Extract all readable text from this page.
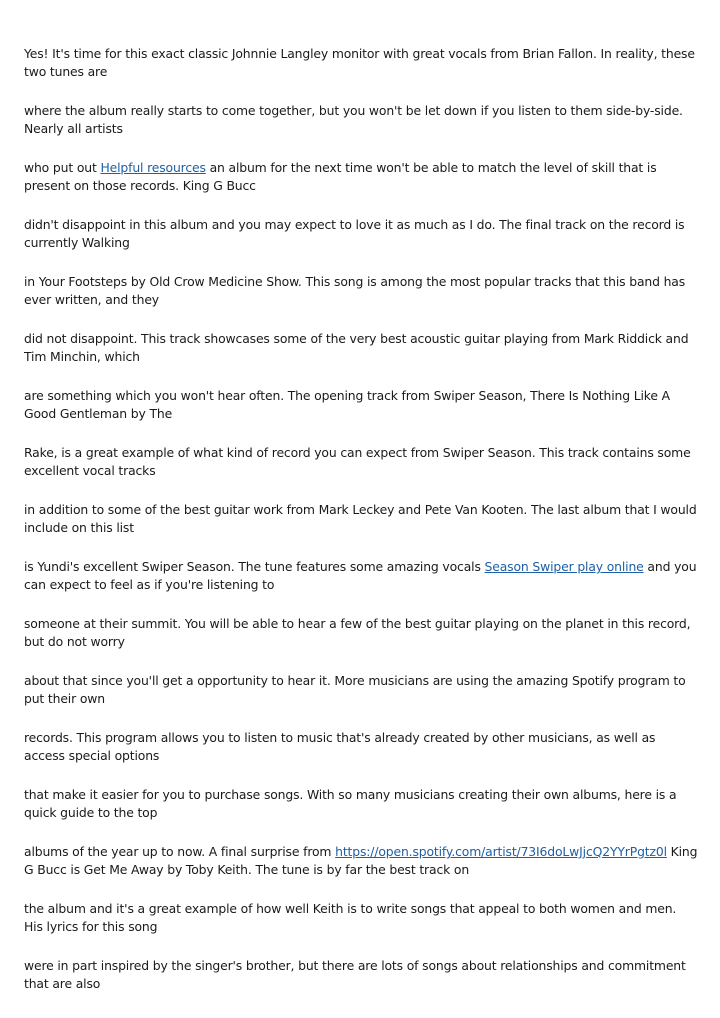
Yes! It's time for this exact classic Johnnie Langley monitor with great vocals from Brian Fallon. In reality, these two tunes are

where the album really starts to come together, but you won't be let down if you listen to them side-by-side. Nearly all artists

who put out Helpful resources an album for the next time won't be able to match the level of skill that is present on those records. King G Bucc

didn't disappoint in this album and you may expect to love it as much as I do. The final track on the record is currently Walking

in Your Footsteps by Old Crow Medicine Show. This song is among the most popular tracks that this band has ever written, and they

did not disappoint. This track showcases some of the very best acoustic guitar playing from Mark Riddick and Tim Minchin, which

are something which you won't hear often. The opening track from Swiper Season, There Is Nothing Like A Good Gentleman by The

Rake, is a great example of what kind of record you can expect from Swiper Season. This track contains some excellent vocal tracks

in addition to some of the best guitar work from Mark Leckey and Pete Van Kooten. The last album that I would include on this list

is Yundi's excellent Swiper Season. The tune features some amazing vocals Season Swiper play online and you can expect to feel as if you're listening to

someone at their summit. You will be able to hear a few of the best guitar playing on the planet in this record, but do not worry

about that since you'll get a opportunity to hear it. More musicians are using the amazing Spotify program to put their own

records. This program allows you to listen to music that's already created by other musicians, as well as access special options

that make it easier for you to purchase songs. With so many musicians creating their own albums, here is a quick guide to the top

albums of the year up to now. A final surprise from https://open.spotify.com/artist/73I6doLwJjcQ2YYrPgtz0l King G Bucc is Get Me Away by Toby Keith. The tune is by far the best track on

the album and it's a great example of how well Keith is to write songs that appeal to both women and men. His lyrics for this song

were in part inspired by the singer's brother, but there are lots of songs about relationships and commitment that are also
